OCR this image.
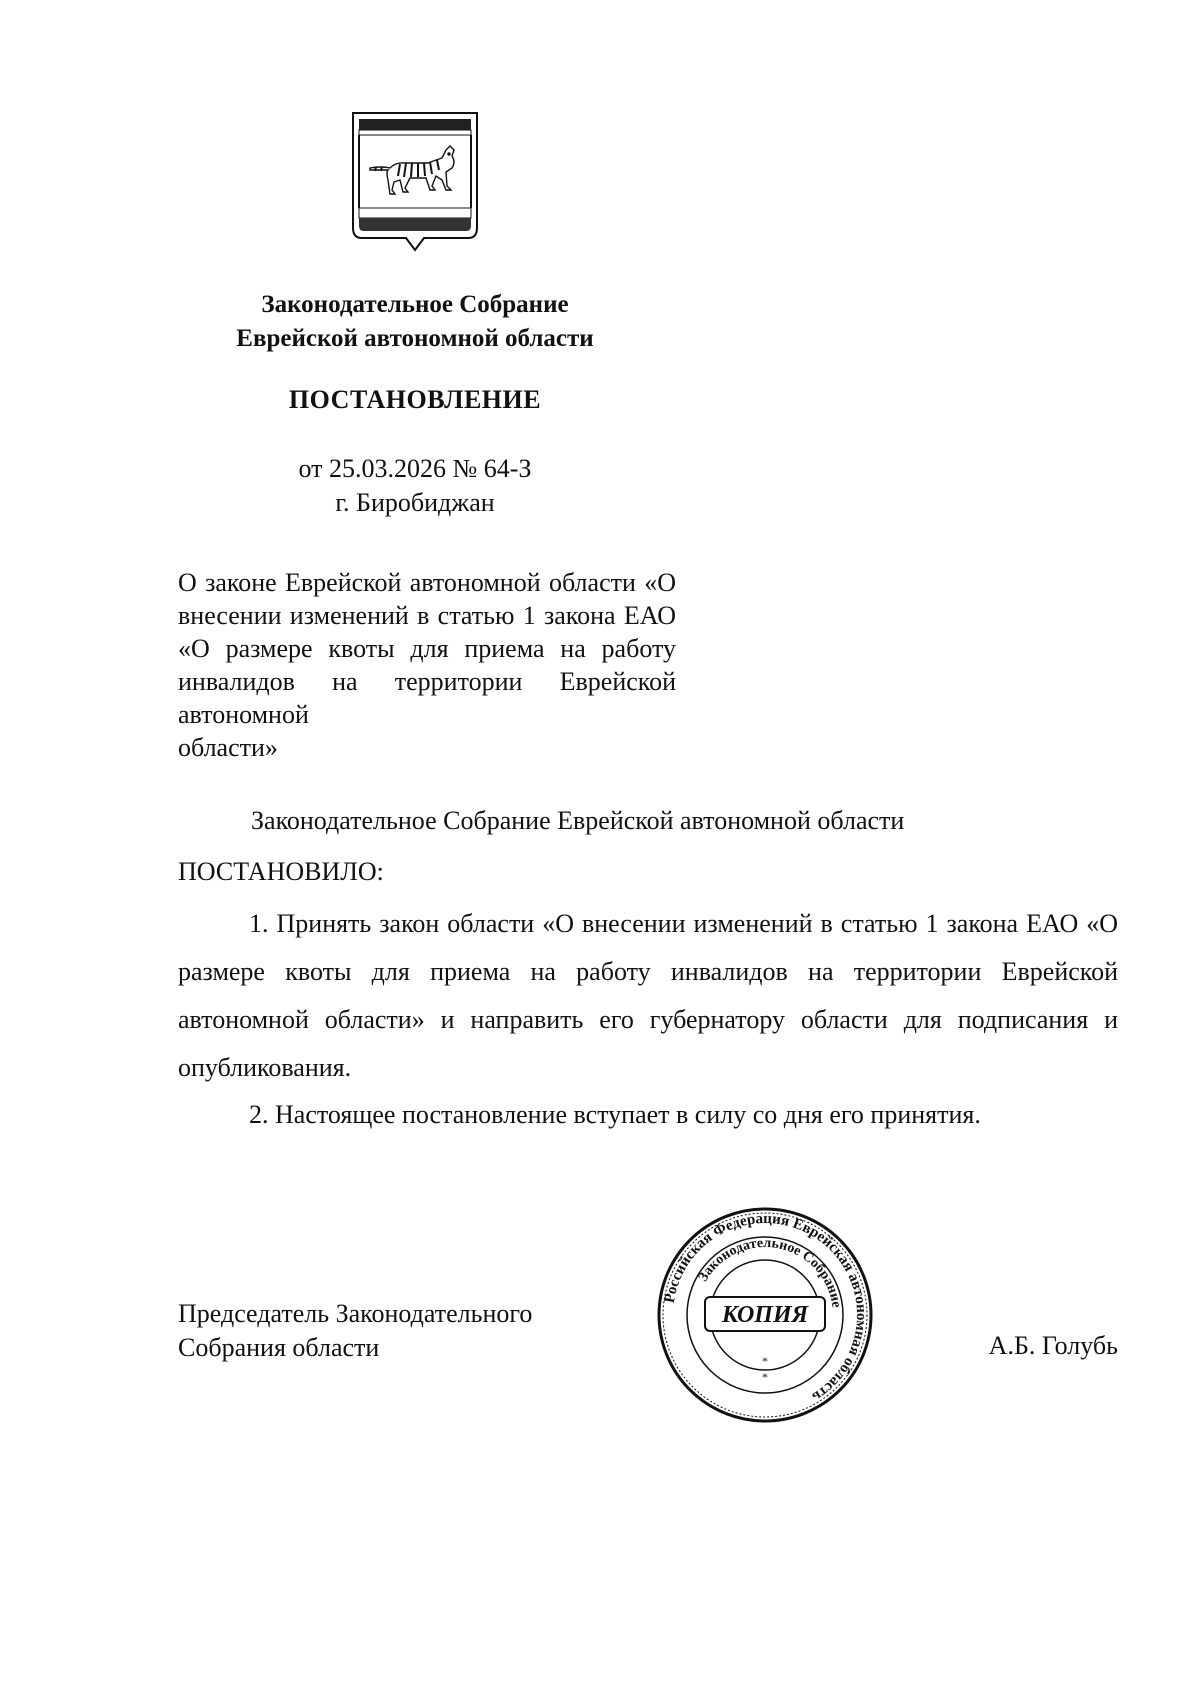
Законодательное Собрание
Еврейской автономной области
ПОСТАНОВЛЕНИЕ
от 25.03.2026 № 64-З
г. Биробиджан
О законе Еврейской автономной области «О внесении изменений в статью 1 закона ЕАО «О размере квоты для приема на работу инвалидов на территории Еврейской автономной
области»
Законодательное Собрание Еврейской автономной области
ПОСТАНОВИЛО:
1. Принять закон области «О внесении изменений в статью 1 закона ЕАО «О размере квоты для приема на работу инвалидов на территории Еврейской автономной области» и направить его губернатору области для подписания и опубликования.
2. Настоящее постановление вступает в силу со дня его принятия.
Председатель Законодательного
Собрания области
Российская Федерация Еврейская автономная область
Законодательное Собрание
КОПИЯ
*
*
А.Б. Голубь
